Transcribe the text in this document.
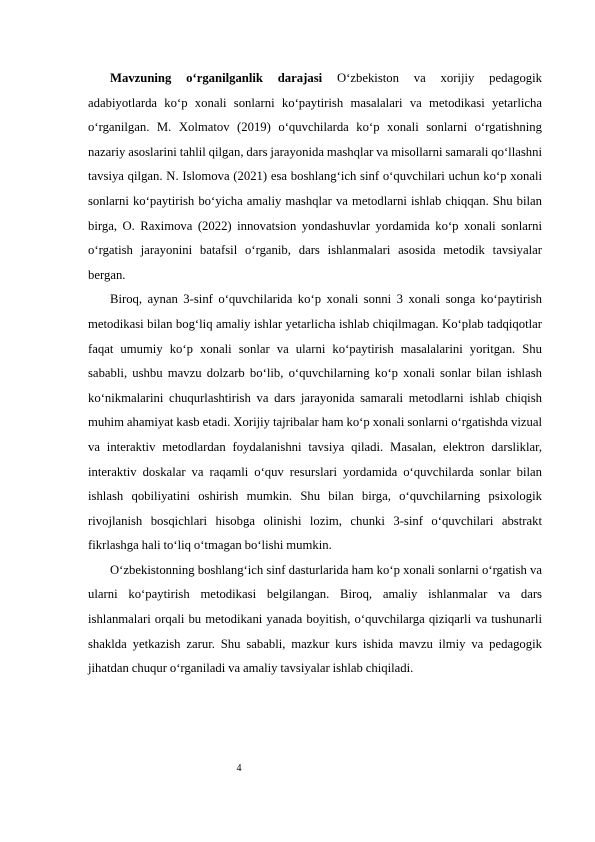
Mavzuning o‘rganilganlik darajasi O‘zbekiston va xorijiy pedagogik adabiyotlarda ko‘p xonali sonlarni ko‘paytirish masalalari va metodikasi yetarlicha o‘rganilgan. M. Xolmatov (2019) o‘quvchilarda ko‘p xonali sonlarni o‘rgatishning nazariy asoslarini tahlil qilgan, dars jarayonida mashqlar va misollarni samarali qo‘llashni tavsiya qilgan. N. Islomova (2021) esa boshlang‘ich sinf o‘quvchilari uchun ko‘p xonali sonlarni ko‘paytirish bo‘yicha amaliy mashqlar va metodlarni ishlab chiqqan. Shu bilan birga, O. Raximova (2022) innovatsion yondashuvlar yordamida ko‘p xonali sonlarni o‘rgatish jarayonini batafsil o‘rganib, dars ishlanmalari asosida metodik tavsiyalar bergan.

Biroq, aynan 3-sinf o‘quvchilarida ko‘p xonali sonni 3 xonali songa ko‘paytirish metodikasi bilan bog‘liq amaliy ishlar yetarlicha ishlab chiqilmagan. Ko‘plab tadqiqotlar faqat umumiy ko‘p xonali sonlar va ularni ko‘paytirish masalalarini yoritgan. Shu sababli, ushbu mavzu dolzarb bo‘lib, o‘quvchilarning ko‘p xonali sonlar bilan ishlash ko‘nikmalarini chuqurlashtirish va dars jarayonida samarali metodlarni ishlab chiqish muhim ahamiyat kasb etadi. Xorijiy tajribalar ham ko‘p xonali sonlarni o‘rgatishda vizual va interaktiv metodlardan foydalanishni tavsiya qiladi. Masalan, elektron darsliklar, interaktiv doskalar va raqamli o‘quv resurslari yordamida o‘quvchilarda sonlar bilan ishlash qobiliyatini oshirish mumkin. Shu bilan birga, o‘quvchilarning psixologik rivojlanish bosqichlari hisobga olinishi lozim, chunki 3-sinf o‘quvchilari abstrakt fikrlashga hali to‘liq o‘tmagan bo‘lishi mumkin.

O‘zbekistonning boshlang‘ich sinf dasturlarida ham ko‘p xonali sonlarni o‘rgatish va ularni ko‘paytirish metodikasi belgilangan. Biroq, amaliy ishlanmalar va dars ishlanmalari orqali bu metodikani yanada boyitish, o‘quvchilarga qiziqarli va tushunarli shaklda yetkazish zarur. Shu sababli, mazkur kurs ishida mavzu ilmiy va pedagogik jihatdan chuqur o‘rganiladi va amaliy tavsiyalar ishlab chiqiladi.

4
